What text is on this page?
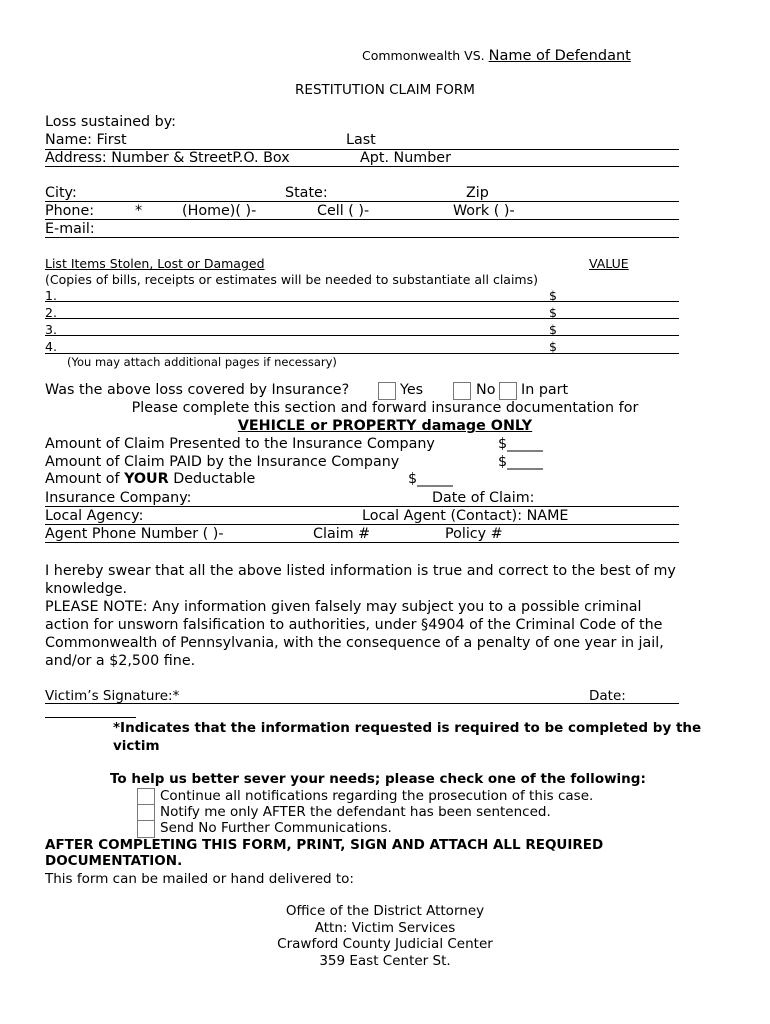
Commonwealth VS. Name of Defendant
RESTITUTION CLAIM FORM
Loss sustained by:
Name: First	Last
Address: Number & StreetP.O. Box	Apt. Number
City:	State:	Zip
Phone:	*	(Home)( )-	Cell ( )-	Work ( )-
E-mail:
List Items Stolen, Lost or Damaged	VALUE
(Copies of bills, receipts or estimates will be needed to substantiate all claims)
1.	$
2.	$
3.	$
4.	$
(You may attach additional pages if necessary)
Was the above loss covered by Insurance?	Yes	No In part
Please complete this section and forward insurance documentation for
VEHICLE or PROPERTY damage ONLY
Amount of Claim Presented to the Insurance Company	$_____
Amount of Claim PAID by the Insurance Company	$_____
Amount of YOUR Deductable	$_____
Insurance Company:	Date of Claim:
Local Agency:	Local Agent (Contact): NAME
Agent Phone Number ( )-	Claim #	Policy #
I hereby swear that all the above listed information is true and correct to the best of my
knowledge.
PLEASE NOTE: Any information given falsely may subject you to a possible criminal
action for unsworn falsification to authorities, under §4904 of the Criminal Code of the
Commonwealth of Pennsylvania, with the consequence of a penalty of one year in jail,
and/or a $2,500 fine.
Victim’s Signature:*	Date:
*Indicates that the information requested is required to be completed by the
victim
To help us better sever your needs; please check one of the following:
Continue all notifications regarding the prosecution of this case.
Notify me only AFTER the defendant has been sentenced.
Send No Further Communications.
AFTER COMPLETING THIS FORM, PRINT, SIGN AND ATTACH ALL REQUIRED
DOCUMENTATION.
This form can be mailed or hand delivered to:
Office of the District Attorney
Attn: Victim Services
Crawford County Judicial Center
359 East Center St.
